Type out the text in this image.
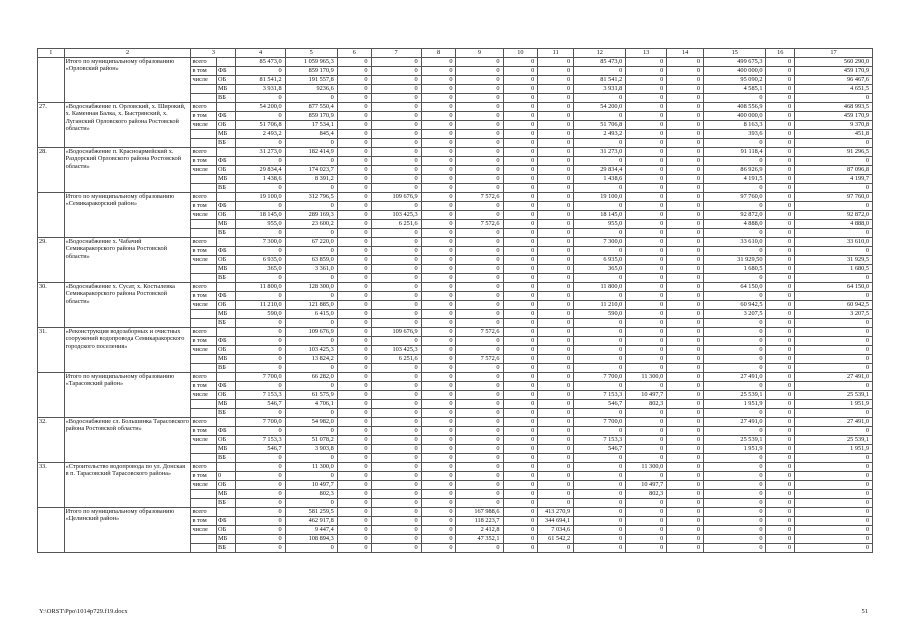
1	2	3		4	5	6	7	8	9	10	11	12	13	14	15	16	17
	Итого по муниципальному образованию «Орловский район»	всего		85 473,0	1 059 965,3	0	0	0	0	0	0	85 473,0	0	0	499 675,3	0	560 290,0
		в том	ФБ	0	859 170,9	0	0	0	0	0	0	0	0	0	400 000,0	0	459 170,9
		числе	ОБ	81 541,2	191 557,8	0	0	0	0	0	0	81 541,2	0	0	95 090,2	0	96 467,6
			МБ	3 931,8	9236,6	0	0	0	0	0	0	3 931,8	0	0	4 585,1	0	4 651,5
			ВБ	0	0	0	0	0	0	0	0	0	0	0	0	0	0
27.	«Водоснабжение п. Орловский, х. Широкий, х. Каменная Балка, х. Быстрянский, х. Луганский Орловского района Ростовской области»	всего		54 200,0	877 550,4	0	0	0	0	0	0	54 200,0	0	0	408 556,9	0	468 993,5
		в том	ФБ	0	859 170,9	0	0	0	0	0	0	0	0	0	400 000,0	0	459 170,9
		числе	ОБ	51 706,8	17 534,1	0	0	0	0	0	0	51 706,8	0	0	8 163,3	0	9 370,8
			МБ	2 493,2	845,4	0	0	0	0	0	0	2 493,2	0	0	393,6	0	451,8
			ВБ	0	0	0	0	0	0	0	0	0	0	0	0	0	0
28.	«Водоснабжение п. Красноармейский х. Раздорский Орловского района Ростовской области»	всего		31 273,0	182 414,9	0	0	0	0	0	0	31 273,0	0	0	91 118,4	0	91 296,5
		в том	ФБ	0	0	0	0	0	0	0	0	0	0	0	0	0	0
		числе	ОБ	29 834,4	174 023,7	0	0	0	0	0	0	29 834,4	0	0	86 926,9	0	87 096,8
			МБ	1 438,6	8 391,2	0	0	0	0	0	0	1 438,6	0	0	4 191,5	0	4 199,7
			ВБ	0	0	0	0	0	0	0	0	0	0	0	0	0	0
	Итого по муниципальному образованию «Семикаракорский район»	всего		19 100,0	312 796,5	0	109 676,9	0	7 572,6	0	0	19 100,0	0	0	97 760,0	0	97 760,0
		в том	ФБ	0	0	0	0	0	0	0	0	0	0	0	0	0	0
		числе	ОБ	18 145,0	289 169,3	0	103 425,3	0	0	0	0	18 145,0	0	0	92 872,0	0	92 872,0
			МБ	955,0	23 600,2	0	6 251,6	0	7 572,6	0	0	955,0	0	0	4 888,0	0	4 888,0
			ВБ	0	0	0	0	0	0	0	0	0	0	0	0	0	0
29.	«Водоснабжение х. Чабачий Семикаракорского района Ростовской области»	всего		7 300,0	67 220,0	0	0	0	0	0	0	7 300,0	0	0	33 610,0	0	33 610,0
		в том	ФБ	0	0	0	0	0	0	0	0	0	0	0	0	0	0
		числе	ОБ	6 935,0	63 859,0	0	0	0	0	0	0	6 935,0	0	0	31 929,50	0	31 929,5
			МБ	365,0	3 361,0	0	0	0	0	0	0	365,0	0	0	1 680,5	0	1 680,5
			ВБ	0	0	0	0	0	0	0	0	0	0	0	0	0	0
30.	«Водоснабжение х. Сусат, х. Костылевка Семикаракорского района Ростовской области»	всего		11 800,0	128 300,0	0	0	0	0	0	0	11 800,0	0	0	64 150,0	0	64 150,0
		в том	ФБ	0	0	0	0	0	0	0	0	0	0	0	0	0	0
		числе	ОБ	11 210,0	121 885,0	0	0	0	0	0	0	11 210,0	0	0	60 942,5	0	60 942,5
			МБ	590,0	6 415,0	0	0	0	0	0	0	590,0	0	0	3 207,5	0	3 207,5
			ВБ	0	0	0	0	0	0	0	0	0	0	0	0	0	0
31.	«Реконструкция водозаборных и очистных сооружений водопровода Семикаракорского городского поселения»	всего		0	109 676,9	0	109 676,9	0	7 572,6	0	0	0	0	0	0	0	0
		в том	ФБ	0	0	0	0	0	0	0	0	0	0	0	0	0	0
		числе	ОБ	0	103 425,3	0	103 425,3	0	0	0	0	0	0	0	0	0	0
			МБ	0	13 824,2	0	6 251,6	0	7 572,6	0	0	0	0	0	0	0	0
			ВБ	0	0	0	0	0	0	0	0	0	0	0	0	0	0
	Итого по муниципальному образованию «Тарасовский район»	всего		7 700,0	66 282,0	0	0	0	0	0	0	7 700,0	11 300,0	0	27 491,0	0	27 491,0
		в том	ФБ	0	0	0	0	0	0	0	0	0	0	0	0	0	0
		числе	ОБ	7 153,3	61 575,9	0	0	0	0	0	0	7 153,3	10 497,7	0	25 539,1	0	25 539,1
			МБ	546,7	4 706,1	0	0	0	0	0	0	546,7	802,3	0	1 951,9	0	1 951,9
			ВБ	0	0	0	0	0	0	0	0	0	0	0	0	0	0
32.	«Водоснабжение сл. Большинка Тарасовского района Ростовской области»	всего		7 700,0	54 982,0	0	0	0	0	0	0	7 700,0	0	0	27 491,0	0	27 491,0
		в том	ФБ	0	0	0	0	0	0	0	0	0	0	0	0	0	0
		числе	ОБ	7 153,3	51 078,2	0	0	0	0	0	0	7 153,3	0	0	25 539,1	0	25 539,1
			МБ	546,7	3 903,8	0	0	0	0	0	0	546,7	0	0	1 951,9	0	1 951,9
			ВБ	0	0	0	0	0	0	0	0	0	0	0	0	0	0
33.	«Строительство водопровода по ул. Донская в п. Тарасовский Тарасовского района»	всего		0	11 300,0	0	0	0	0	0	0	0	11 300,0	0	0	0	0
		в том	0	0	0	0	0	0	0	0	0	0	0	0	0	0	0
		числе	ОБ	0	10 497,7	0	0	0	0	0	0	0	10 497,7	0	0	0	0
			МБ	0	802,3	0	0	0	0	0	0	0	802,3	0	0	0	0
			ВБ	0	0	0	0	0	0	0	0	0	0	0	0	0	0
	Итого по муниципальному образованию «Целинский район»	всего		0	581 259,5	0	0	0	167 988,6	0	413 270,9	0	0	0	0	0	0
		в том	ФБ	0	462 917,8	0	0	0	118 223,7	0	344 694,1	0	0	0	0	0	0
		числе	ОБ	0	9 447,4	0	0	0	2 412,8	0	7 034,6	0	0	0	0	0	0
			МБ	0	108 894,3	0	0	0	47 352,1	0	61 542,2	0	0	0	0	0	0
			ВБ	0	0	0	0	0	0	0	0	0	0	0	0	0	0
Y:\ORST\Ppo\1014p729.f19.docx	51
